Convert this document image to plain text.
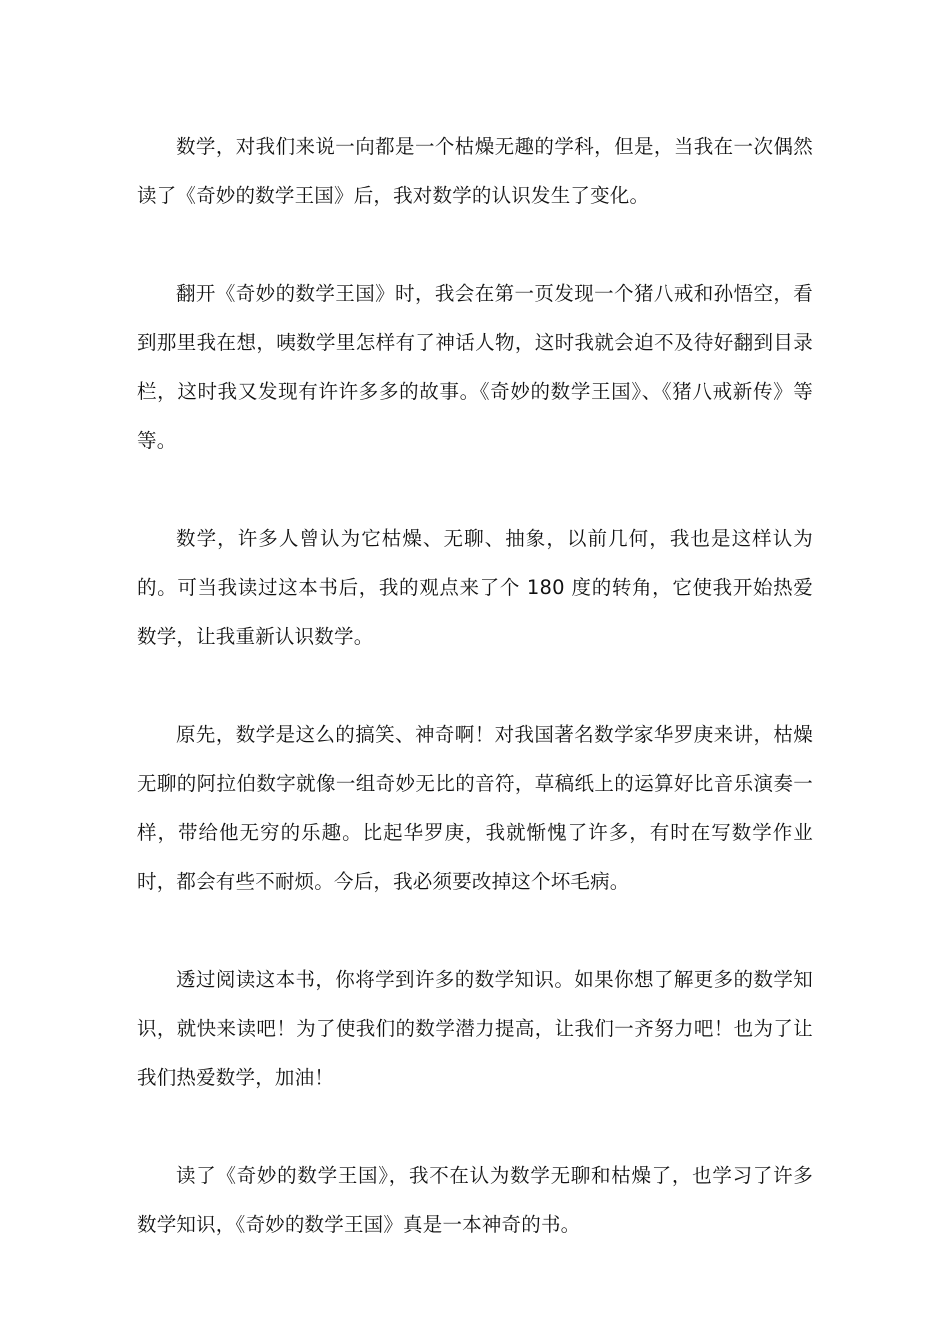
数学，对我们来说一向都是一个枯燥无趣的学科，但是，当我在一次偶然读了《奇妙的数学王国》后，我对数学的认识发生了变化。

翻开《奇妙的数学王国》时，我会在第一页发现一个猪八戒和孙悟空，看到那里我在想，咦数学里怎样有了神话人物，这时我就会迫不及待好翻到目录栏，这时我又发现有许许多多的故事。《奇妙的数学王国》、《猪八戒新传》等等。

数学，许多人曾认为它枯燥、无聊、抽象，以前几何，我也是这样认为的。可当我读过这本书后，我的观点来了个 180 度的转角，它使我开始热爱数学，让我重新认识数学。

原先，数学是这么的搞笑、神奇啊！对我国著名数学家华罗庚来讲，枯燥无聊的阿拉伯数字就像一组奇妙无比的音符，草稿纸上的运算好比音乐演奏一样，带给他无穷的乐趣。比起华罗庚，我就惭愧了许多，有时在写数学作业时，都会有些不耐烦。今后，我必须要改掉这个坏毛病。

透过阅读这本书，你将学到许多的数学知识。如果你想了解更多的数学知识，就快来读吧！为了使我们的数学潜力提高，让我们一齐努力吧！也为了让我们热爱数学，加油！

读了《奇妙的数学王国》，我不在认为数学无聊和枯燥了，也学习了许多数学知识，《奇妙的数学王国》真是一本神奇的书。
